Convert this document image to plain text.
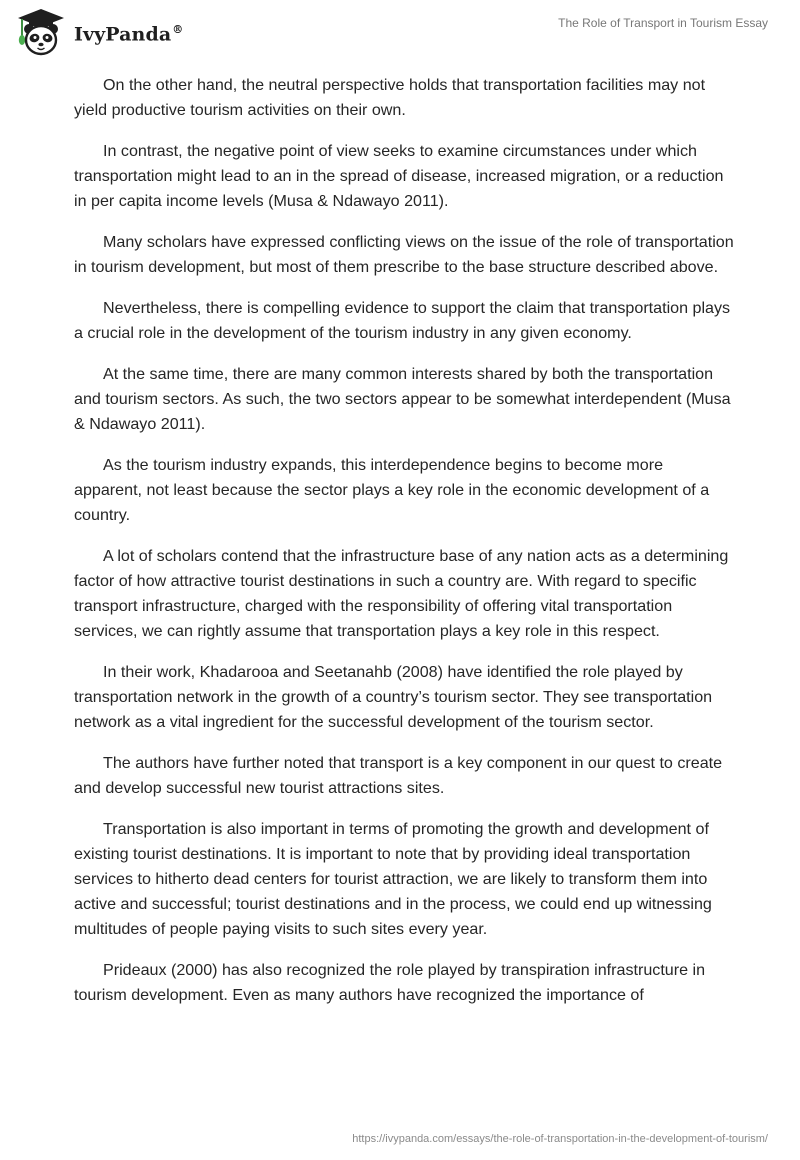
IvyPanda®	The Role of Transport in Tourism Essay

On the other hand, the neutral perspective holds that transportation facilities may not yield productive tourism activities on their own.

In contrast, the negative point of view seeks to examine circumstances under which transportation might lead to an in the spread of disease, increased migration, or a reduction in per capita income levels (Musa & Ndawayo 2011).

Many scholars have expressed conflicting views on the issue of the role of transportation in tourism development, but most of them prescribe to the base structure described above.

Nevertheless, there is compelling evidence to support the claim that transportation plays a crucial role in the development of the tourism industry in any given economy.

At the same time, there are many common interests shared by both the transportation and tourism sectors. As such, the two sectors appear to be somewhat interdependent (Musa & Ndawayo 2011).

As the tourism industry expands, this interdependence begins to become more apparent, not least because the sector plays a key role in the economic development of a country.

A lot of scholars contend that the infrastructure base of any nation acts as a determining factor of how attractive tourist destinations in such a country are. With regard to specific transport infrastructure, charged with the responsibility of offering vital transportation services, we can rightly assume that transportation plays a key role in this respect.

In their work, Khadarooa and Seetanahb (2008) have identified the role played by transportation network in the growth of a country’s tourism sector. They see transportation network as a vital ingredient for the successful development of the tourism sector.

The authors have further noted that transport is a key component in our quest to create and develop successful new tourist attractions sites.

Transportation is also important in terms of promoting the growth and development of existing tourist destinations. It is important to note that by providing ideal transportation services to hitherto dead centers for tourist attraction, we are likely to transform them into active and successful; tourist destinations and in the process, we could end up witnessing multitudes of people paying visits to such sites every year.

Prideaux (2000) has also recognized the role played by transpiration infrastructure in tourism development. Even as many authors have recognized the importance of

https://ivypanda.com/essays/the-role-of-transportation-in-the-development-of-tourism/
